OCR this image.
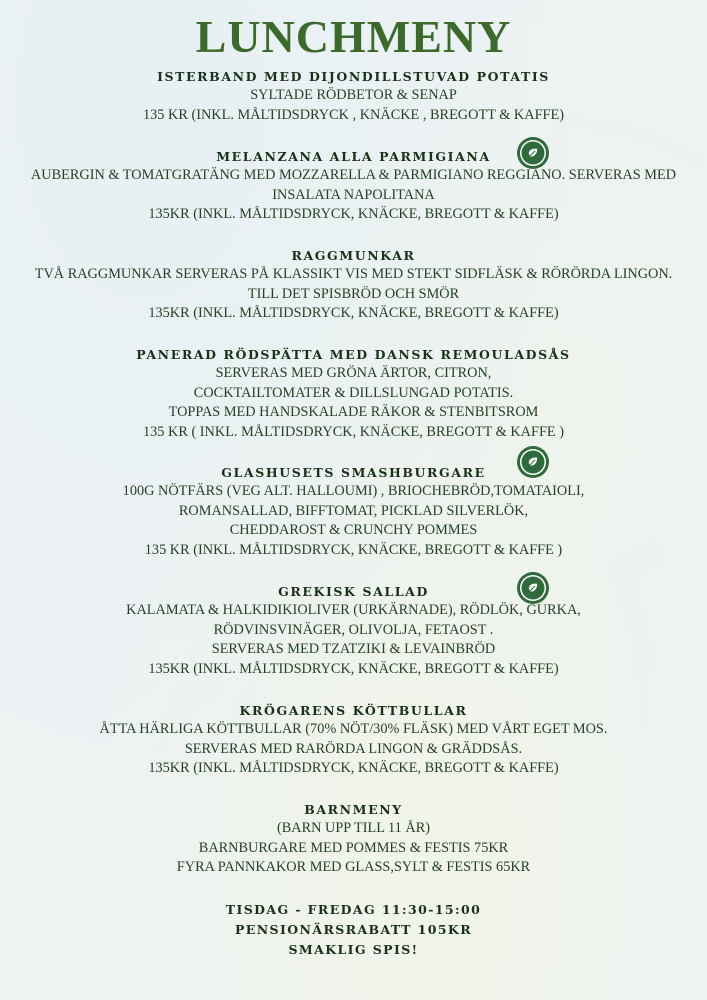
LUNCHMENY
ISTERBAND MED DIJONDILLSTUVAD POTATIS
SYLTADE RÖDBETOR & SENAP
135 KR (INKL. MÅLTIDSDRYCK , KNÄCKE , BREGOTT & KAFFE)
MELANZANA ALLA PARMIGIANA
AUBERGIN & TOMATGRATÄNG MED MOZZARELLA & PARMIGIANO REGGIANO. SERVERAS MED
INSALATA NAPOLITANA
135KR (INKL. MÅLTIDSDRYCK, KNÄCKE, BREGOTT & KAFFE)
RAGGMUNKAR
TVÅ RAGGMUNKAR SERVERAS PÅ KLASSIKT VIS MED STEKT SIDFLÄSK & RÖRÖRDA LINGON.
TILL DET SPISBRÖD OCH SMÖR
135KR (INKL. MÅLTIDSDRYCK, KNÄCKE, BREGOTT & KAFFE)
PANERAD RÖDSPÄTTA MED DANSK REMOULADSÅS
SERVERAS MED GRÖNA ÄRTOR, CITRON,
COCKTAILTOMATER & DILLSLUNGAD POTATIS.
TOPPAS MED HANDSKALADE RÄKOR & STENBITSROM
135 KR ( INKL. MÅLTIDSDRYCK, KNÄCKE, BREGOTT & KAFFE )
GLASHUSETS SMASHBURGARE
100G NÖTFÄRS (VEG ALT. HALLOUMI) , BRIOCHEBRÖD,TOMATAIOLI,
ROMANSALLAD, BIFFTOMAT, PICKLAD SILVERLÖK,
CHEDDAROST & CRUNCHY POMMES
135 KR (INKL. MÅLTIDSDRYCK, KNÄCKE, BREGOTT & KAFFE )
GREKISK SALLAD
KALAMATA & HALKIDIKIOLIVER (URKÄRNADE), RÖDLÖK, GURKA,
RÖDVINSVINÄGER, OLIVOLJA, FETAOST .
SERVERAS MED TZATZIKI & LEVAINBRÖD
135KR (INKL. MÅLTIDSDRYCK, KNÄCKE, BREGOTT & KAFFE)
KRÖGARENS KÖTTBULLAR
ÅTTA HÄRLIGA KÖTTBULLAR (70% NÖT/30% FLÄSK) MED VÅRT EGET MOS.
SERVERAS MED RARÖRDA LINGON & GRÄDDSÅS.
135KR (INKL. MÅLTIDSDRYCK, KNÄCKE, BREGOTT & KAFFE)
BARNMENY
(BARN UPP TILL 11 ÅR)
BARNBURGARE MED POMMES & FESTIS 75KR
FYRA PANNKAKOR MED GLASS,SYLT & FESTIS 65KR
TISDAG - FREDAG 11:30-15:00
PENSIONÄRSRABATT 105KR
SMAKLIG SPIS!
